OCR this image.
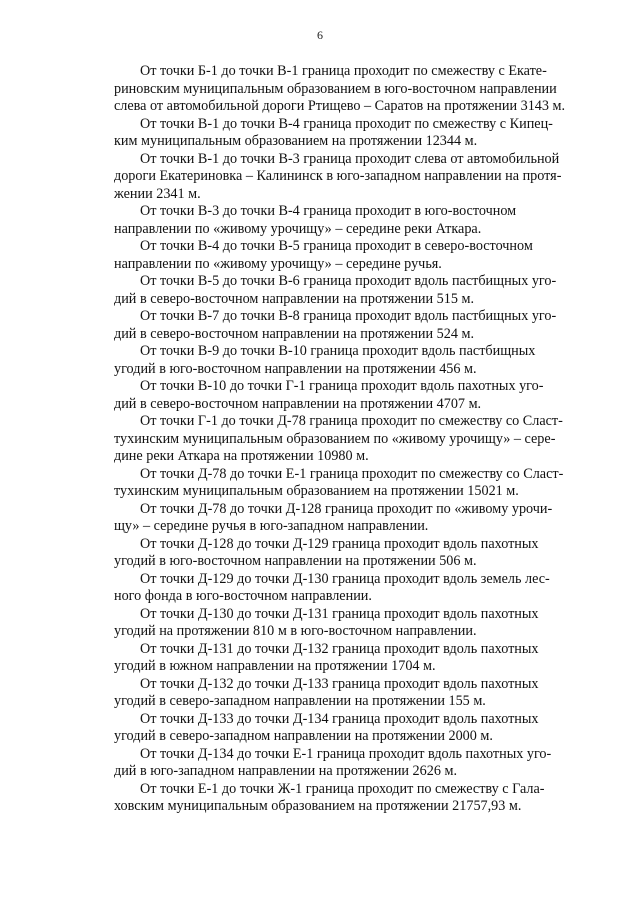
6

От точки Б-1 до точки В-1 граница проходит по смежеству с Екате-
риновским муниципальным образованием в юго-восточном направлении
слева от автомобильной дороги Ртищево – Саратов на протяжении 3143 м.

От точки В-1 до точки В-4 граница проходит по смежеству с Кипец-
ким муниципальным образованием на протяжении 12344 м.

От точки В-1 до точки В-3 граница проходит слева от автомобильной
дороги Екатериновка – Калининск в юго-западном направлении на протя-
жении 2341 м.

От точки В-3 до точки В-4 граница проходит в юго-восточном
направлении по «живому урочищу» – середине реки Аткара.

От точки В-4 до точки В-5 граница проходит в северо-восточном
направлении по «живому урочищу» – середине ручья.

От точки В-5 до точки В-6 граница проходит вдоль пастбищных уго-
дий в северо-восточном направлении на протяжении 515 м.

От точки В-7 до точки В-8 граница проходит вдоль пастбищных уго-
дий в северо-восточном направлении на протяжении 524 м.

От точки В-9 до точки В-10 граница проходит вдоль пастбищных
угодий в юго-восточном направлении на протяжении 456 м.

От точки В-10 до точки Г-1 граница проходит вдоль пахотных уго-
дий в северо-восточном направлении на протяжении 4707 м.

От точки Г-1 до точки Д-78 граница проходит по смежеству со Сласт-
тухинским муниципальным образованием по «живому урочищу» – сере-
дине реки Аткара на протяжении 10980 м.

От точки Д-78 до точки Е-1 граница проходит по смежеству со Сласт-
тухинским муниципальным образованием на протяжении 15021 м.

От точки Д-78 до точки Д-128 граница проходит по «живому урочи-
щу» – середине ручья в юго-западном направлении.

От точки Д-128 до точки Д-129 граница проходит вдоль пахотных
угодий в юго-восточном направлении на протяжении 506 м.

От точки Д-129 до точки Д-130 граница проходит вдоль земель лес-
ного фонда в юго-восточном направлении.

От точки Д-130 до точки Д-131 граница проходит вдоль пахотных
угодий на протяжении 810 м в юго-восточном направлении.

От точки Д-131 до точки Д-132 граница проходит вдоль пахотных
угодий в южном направлении на протяжении 1704 м.

От точки Д-132 до точки Д-133 граница проходит вдоль пахотных
угодий в северо-западном направлении на протяжении 155 м.

От точки Д-133 до точки Д-134 граница проходит вдоль пахотных
угодий в северо-западном направлении на протяжении 2000 м.

От точки Д-134 до точки Е-1 граница проходит вдоль пахотных уго-
дий в юго-западном направлении на протяжении 2626 м.

От точки Е-1 до точки Ж-1 граница проходит по смежеству с Гала-
ховским муниципальным образованием на протяжении 21757,93 м.
